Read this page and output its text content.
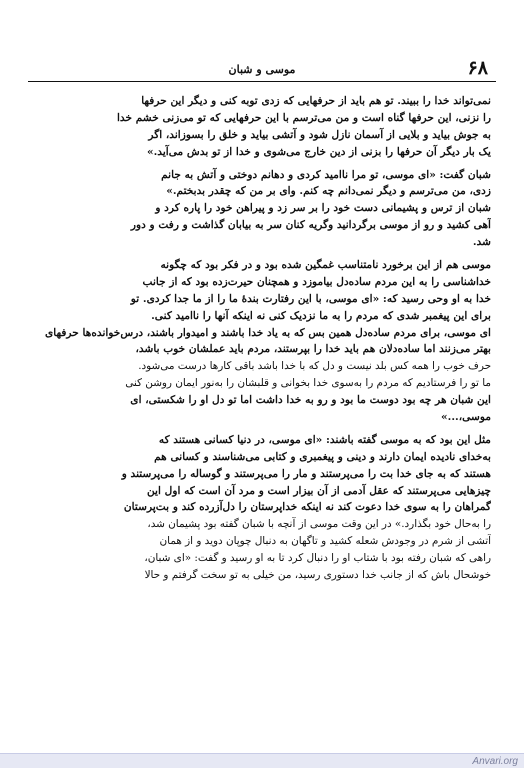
۶۸
موسی و شبان
نمی‌تواند خدا را ببیند. تو هم باید از حرفهایی که زدی توبه کنی و دیگر این حرفها
را نزنی، این حرفها گناه است و من می‌ترسم با این حرفهایی که تو می‌زنی خشم خدا
به جوش بیاید و بلایی از آسمان نازل شود و آتشی بیاید و خلق را بسوزاند، اگر
یک بار دیگر آن حرفها را بزنی از دین خارج می‌شوی و خدا از تو بدش می‌آید.»
شبان گفت: «ای موسی، تو مرا ناامید کردی و دهانم دوختی و آتش به جانم
زدی، من می‌ترسم و دیگر نمی‌دانم چه کنم. وای بر من که چقدر بدبختم.»
شبان از ترس و پشیمانی دست خود را بر سر زد و پیراهن خود را پاره کرد و
آهی کشید و رو از موسی برگردانید وگریه کنان سر به بیابان گذاشت و رفت و دور
شد.
موسی هم از این برخورد نامتناسب غمگین شده بود و در فکر بود که چگونه
خداشناسی را به این مردم ساده‌دل بیاموزد و همچنان حیرت‌زده بود که از جانب
خدا به او وحی رسید که: «ای موسی، با این رفتارت بندهٔ ما را از ما جدا کردی. تو
برای این پیغمبر شدی که مردم را به ما نزدیک کنی نه اینکه آنها را ناامید کنی.
ای موسی، برای مردم ساده‌دل همین بس که به یاد خدا باشند و امیدوار باشند، درس‌خوانده‌ها حرفهای
بهتر می‌زنند اما ساده‌دلان هم باید خدا را بپرستند، مردم باید عملشان خوب باشد،
حرف خوب را همه کس بلد نیست و دل که با خدا باشد باقی کارها درست می‌شود.
ما تو را فرستادیم که مردم را به‌سوی خدا بخوانی و قلبشان را به‌نور ایمان روشن کنی
این شبان هر چه بود دوست ما بود و رو به خدا داشت اما تو دل او را شکستی، ای
موسی،...»
مثل این بود که به موسی گفته باشند: «ای موسی، در دنیا کسانی هستند که
به‌خدای نادیده ایمان دارند و دینی و پیغمبری و کتابی می‌شناسند و کسانی هم
هستند که به جای خدا بت را می‌پرستند و مار را می‌پرستند و گوساله را می‌پرستند و
چیزهایی می‌پرستند که عقل آدمی از آن بیزار است و مرد آن است که اول این
گمراهان را به سوی خدا دعوت کند نه اینکه خداپرستان را دل‌آزرده کند و بت‌پرستان
را به‌حال خود بگذارد.» در این وقت موسی از آنچه با شبان گفته بود پشیمان شد،
آتشی از شرم در وجودش شعله کشید و تاگهان به دنبال چوپان دوید و از همان
راهی که شبان رفته بود با شتاب او را دنبال کرد تا به او رسید و گفت: «ای شبان،
خوشحال باش که از جانب خدا دستوری رسید، من خیلی به تو سخت گرفتم و حالا
Anvari.org
